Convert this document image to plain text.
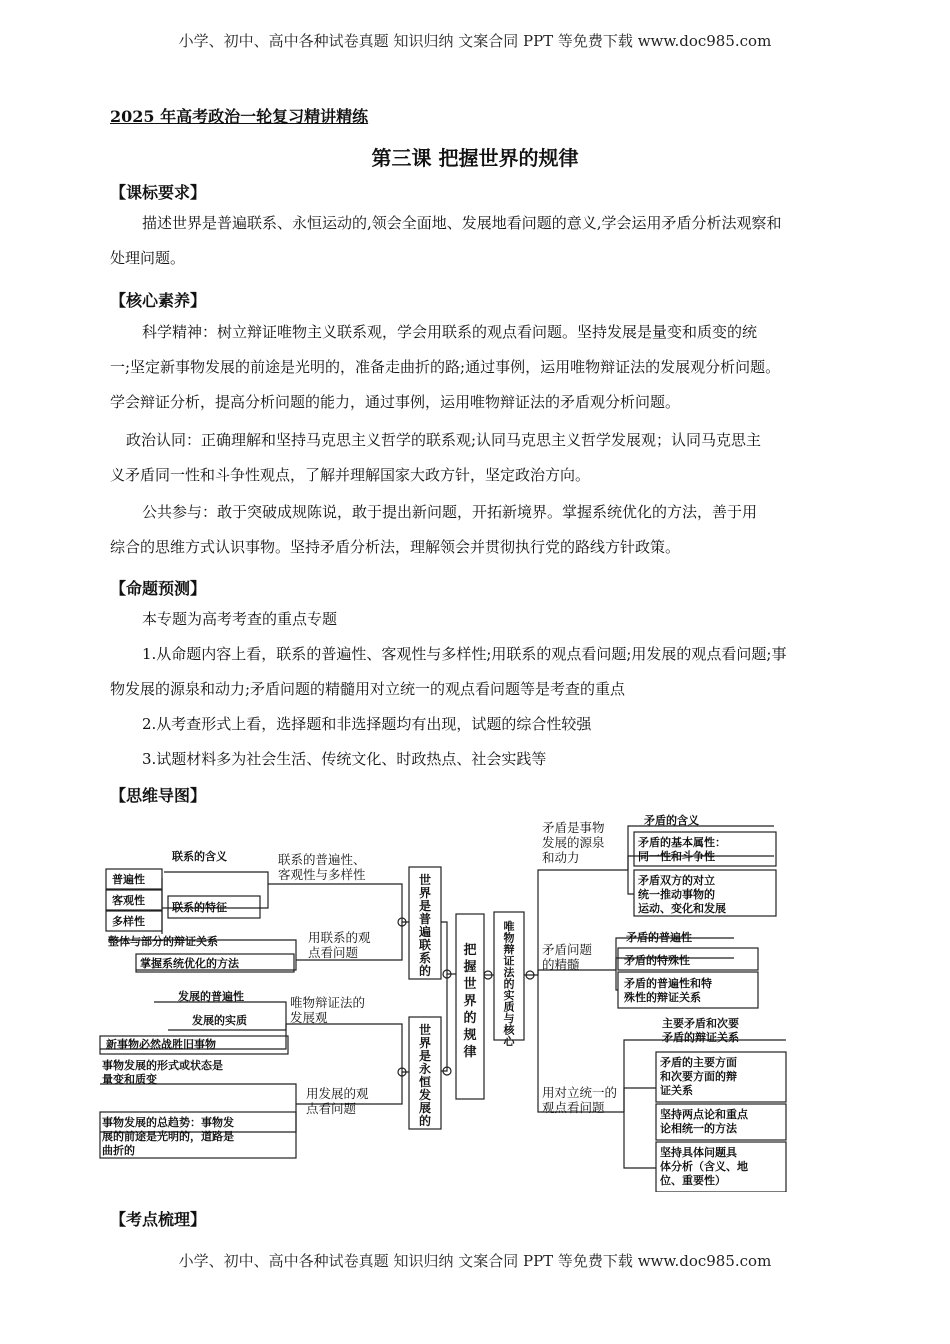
小学、初中、高中各种试卷真题 知识归纳 文案合同 PPT 等免费下载 www.doc985.com
2025 年高考政治一轮复习精讲精练
第三课 把握世界的规律
【课标要求】
描述世界是普遍联系、永恒运动的,领会全面地、发展地看问题的意义,学会运用矛盾分析法观察和
处理问题。
【核心素养】
科学精神：树立辩证唯物主义联系观，学会用联系的观点看问题。坚持发展是量变和质变的统
一;坚定新事物发展的前途是光明的，准备走曲折的路;通过事例，运用唯物辩证法的发展观分析问题。
学会辩证分析，提高分析问题的能力，通过事例，运用唯物辩证法的矛盾观分析问题。
政治认同：正确理解和坚持马克思主义哲学的联系观;认同马克思主义哲学发展观；认同马克思主
义矛盾同一性和斗争性观点，了解并理解国家大政方针，坚定政治方向。
公共参与：敢于突破成规陈说，敢于提出新问题，开拓新境界。掌握系统优化的方法，善于用
综合的思维方式认识事物。坚持矛盾分析法，理解领会并贯彻执行党的路线方针政策。
【命题预测】
本专题为高考考查的重点专题
1.从命题内容上看，联系的普遍性、客观性与多样性;用联系的观点看问题;用发展的观点看问题;事
物发展的源泉和动力;矛盾问题的精髓用对立统一的观点看问题等是考查的重点
2.从考查形式上看，选择题和非选择题均有出现，试题的综合性较强
3.试题材料多为社会生活、传统文化、时政热点、社会实践等
【思维导图】
把握世界的规律
世界是普遍联系的
世界是永恒发展的
唯物辩证法的实质与核心
联系的普遍性、客观性与多样性
联系的含义
联系的特征
普遍性
客观性
多样性
用联系的观点看问题
整体与部分的辩证关系
掌握系统优化的方法
唯物辩证法的发展观
发展的普遍性
发展的实质
新事物必然战胜旧事物
用发展的观点看问题
事物发展的形式或状态是量变和质变
事物发展的总趋势：事物发展的前途是光明的，道路是曲折的
矛盾是事物发展的源泉和动力
矛盾的含义
矛盾的基本属性：同一性和斗争性
矛盾双方的对立统一推动事物的运动、变化和发展
矛盾问题的精髓
矛盾的普遍性
矛盾的特殊性
矛盾的普遍性和特殊性的辩证关系
用对立统一的观点看问题
主要矛盾和次要矛盾的辩证关系
矛盾的主要方面和次要方面的辩证关系
坚持两点论和重点论相统一的方法
坚持具体问题具体分析（含义、地位、重要性）
【考点梳理】
小学、初中、高中各种试卷真题 知识归纳 文案合同 PPT 等免费下载 www.doc985.com
